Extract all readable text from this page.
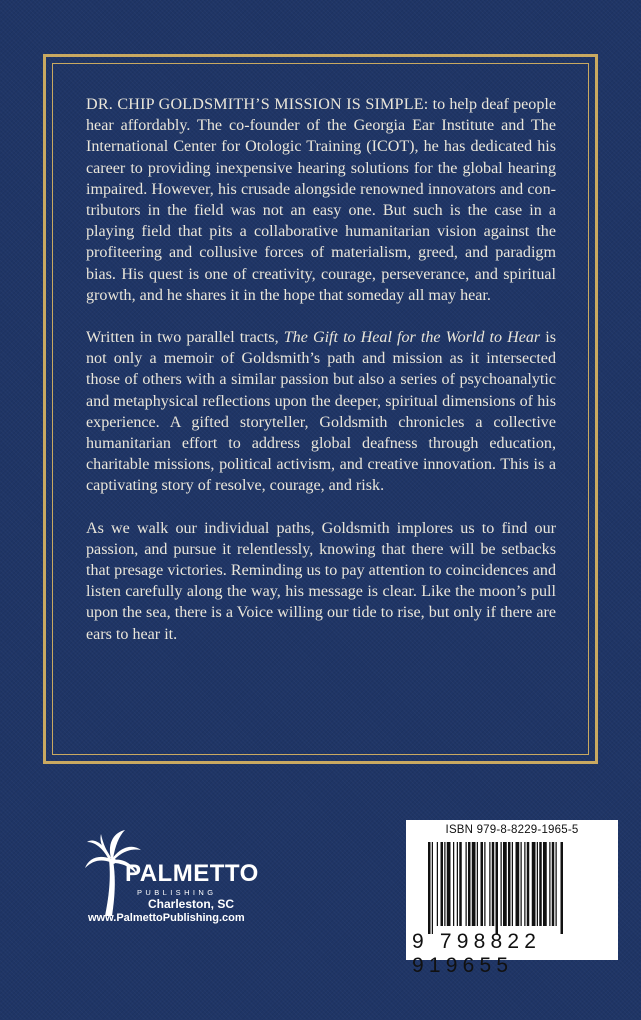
DR. CHIP GOLDSMITH’S MISSION IS SIMPLE: to help deaf people hear affordably. The co-founder of the Georgia Ear Institute and The International Center for Otologic Training (ICOT), he has dedicated his career to providing inexpensive hearing solutions for the global hearing impaired. However, his crusade alongside renowned innovators and contributors in the field was not an easy one. But such is the case in a playing field that pits a collaborative humanitarian vision against the profiteering and collusive forces of materialism, greed, and paradigm bias. His quest is one of creativity, courage, perseverance, and spiritual growth, and he shares it in the hope that someday all may hear.

Written in two parallel tracts, The Gift to Heal for the World to Hear is not only a memoir of Goldsmith’s path and mission as it intersected those of others with a similar passion but also a series of psychoanalytic and metaphysical reflections upon the deeper, spiritual dimensions of his experience. A gifted storyteller, Goldsmith chronicles a collective humanitarian effort to address global deafness through education, charitable missions, political activism, and creative innovation. This is a captivating story of resolve, courage, and risk.

As we walk our individual paths, Goldsmith implores us to find our passion, and pursue it relentlessly, knowing that there will be setbacks that presage victories. Reminding us to pay attention to coincidences and listen carefully along the way, his message is clear. Like the moon’s pull upon the sea, there is a Voice willing our tide to rise, but only if there are ears to hear it.

PALMETTO
PUBLISHING
Charleston, SC
www.PalmettoPublishing.com
ISBN 979-8-8229-1965-5
9 798822 919655
